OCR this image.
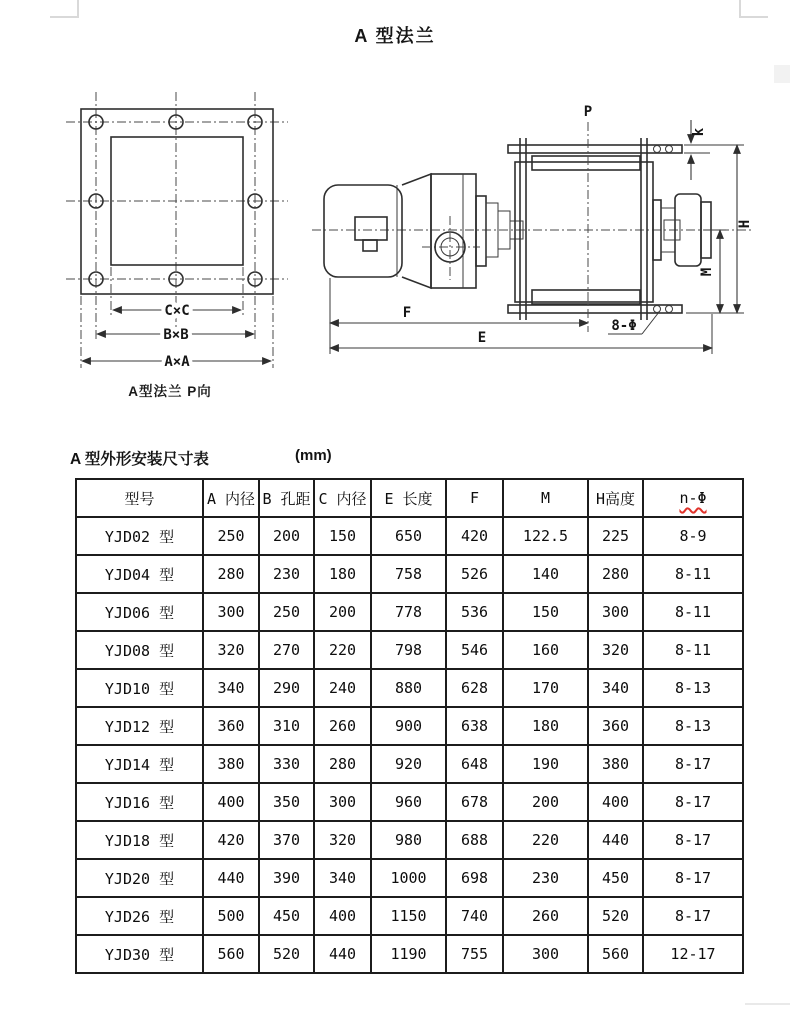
A 型法兰
C×C
B×B
A×A
A型法兰 P向
P
k
H
M
8-Φ
F
E
A 型外形安装尺寸表	(mm)
型号	A 内径	B 孔距	C 内径	E 长度	F	M	H高度	n-Φ
YJD02 型	250	200	150	650	420	122.5	225	8-9
YJD04 型	280	230	180	758	526	140	280	8-11
YJD06 型	300	250	200	778	536	150	300	8-11
YJD08 型	320	270	220	798	546	160	320	8-11
YJD10 型	340	290	240	880	628	170	340	8-13
YJD12 型	360	310	260	900	638	180	360	8-13
YJD14 型	380	330	280	920	648	190	380	8-17
YJD16 型	400	350	300	960	678	200	400	8-17
YJD18 型	420	370	320	980	688	220	440	8-17
YJD20 型	440	390	340	1000	698	230	450	8-17
YJD26 型	500	450	400	1150	740	260	520	8-17
YJD30 型	560	520	440	1190	755	300	560	12-17
